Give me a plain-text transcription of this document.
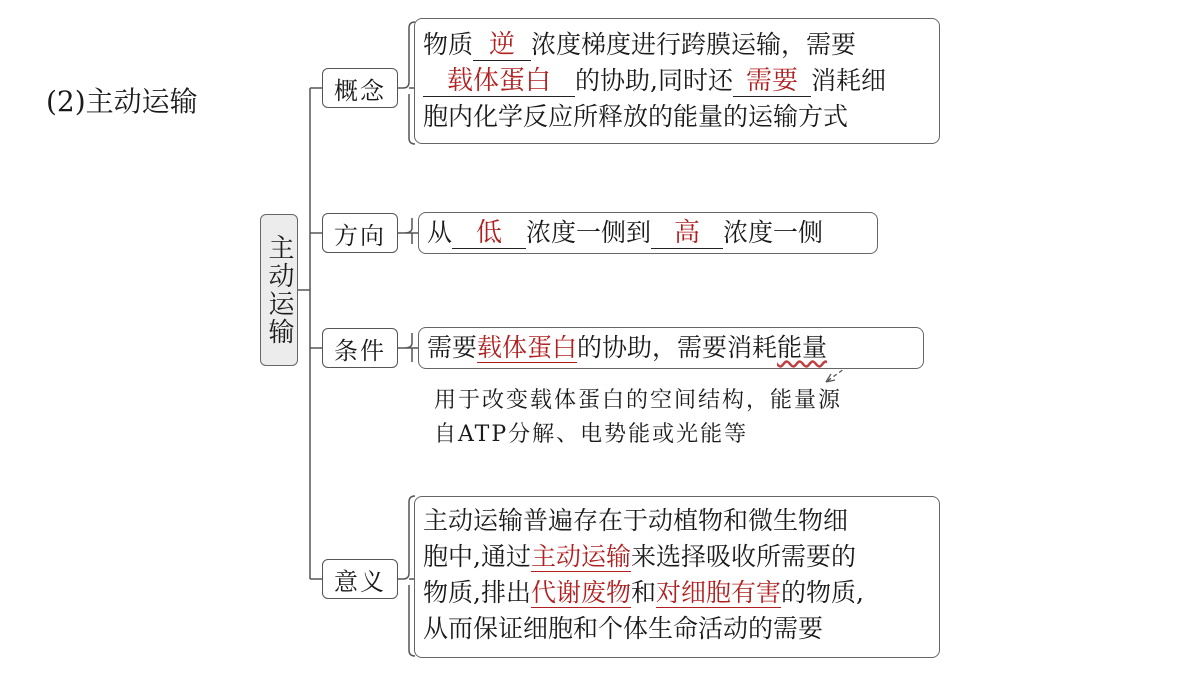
(2)主动运输
主动运输
概念
物质 逆 浓度梯度进行跨膜运输，需要
载体蛋白 的协助,同时还 需要 消耗细
胞内化学反应所释放的能量的运输方式
方向 从 低 浓度一侧到 高 浓度一侧
条件 需要载体蛋白的协助，需要消耗能量
用于改变载体蛋白的空间结构，能量源
自ATP分解、电势能或光能等
意义
主动运输普遍存在于动植物和微生物细
胞中,通过主动运输来选择吸收所需要的
物质,排出代谢废物和对细胞有害的物质,
从而保证细胞和个体生命活动的需要
